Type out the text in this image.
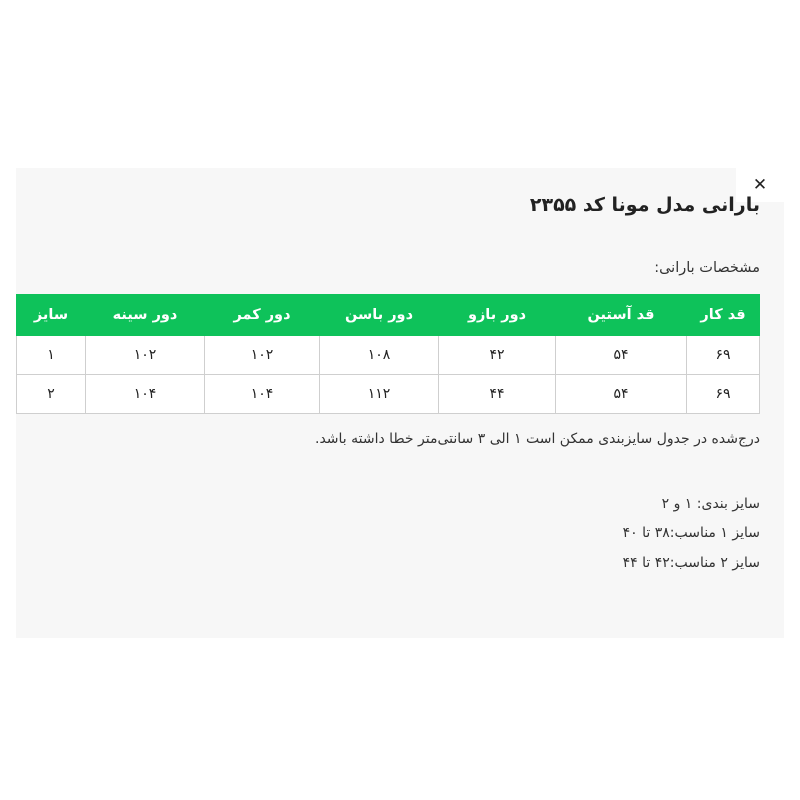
✕
بارانی مدل مونا کد ۲۳۵۵
مشخصات بارانی:
قد کار	قد آستین	دور بازو	دور باسن	دور کمر	دور سینه	سایز
۶۹	۵۴	۴۲	۱۰۸	۱۰۲	۱۰۲	۱
۶۹	۵۴	۴۴	۱۱۲	۱۰۴	۱۰۴	۲
درج‌شده در جدول سایزبندی ممکن است ۱ الی ۳ سانتی‌متر خطا داشته باشد.
سایز بندی: ۱ و ۲
سایز ۱ مناسب:۳۸ تا ۴۰
سایز ۲ مناسب:۴۲ تا ۴۴
